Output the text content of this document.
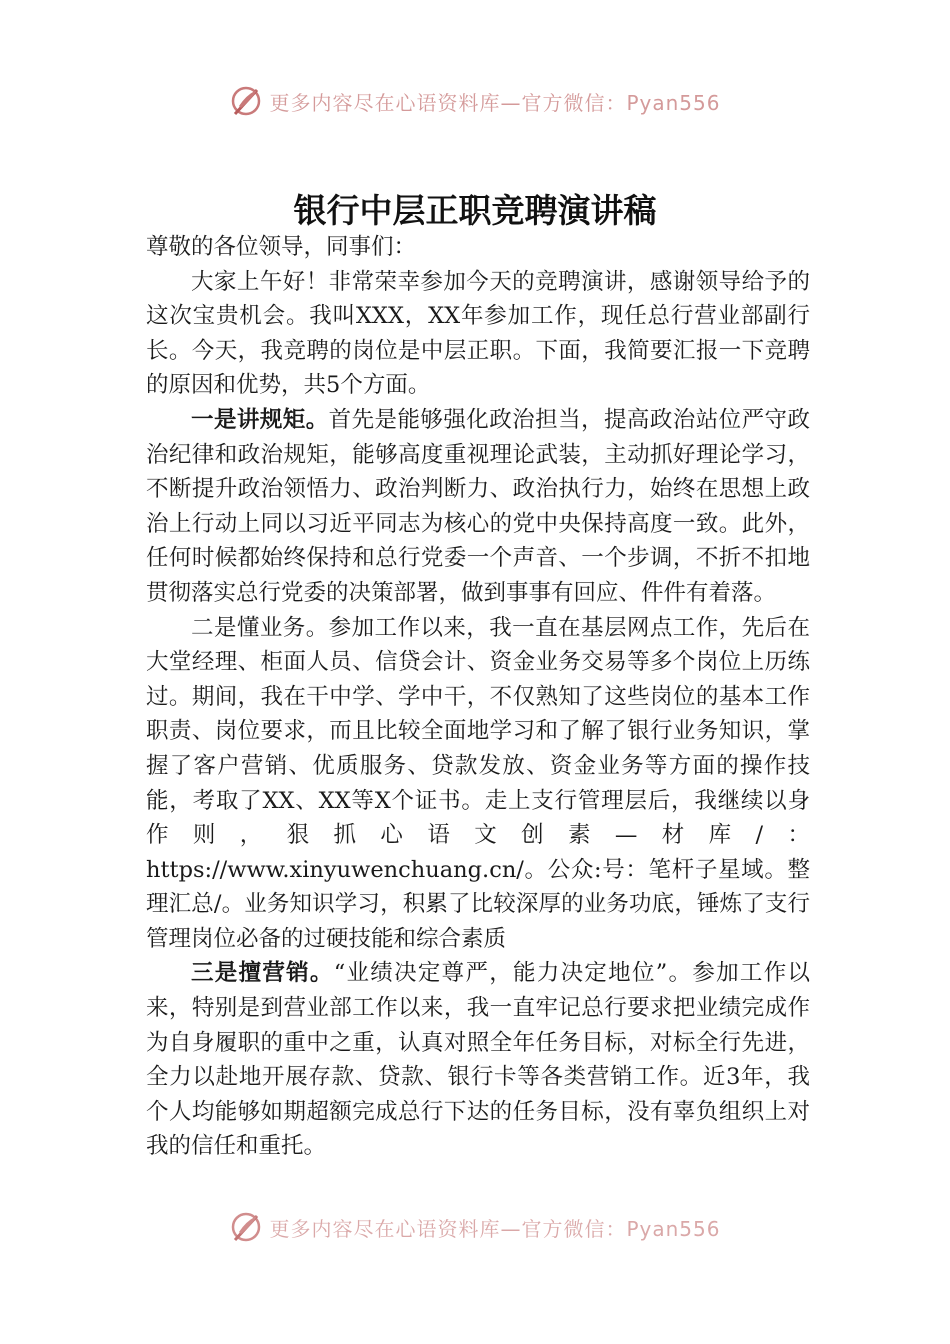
更多内容尽在心语资料库—官方微信：Pyan556
银行中层正职竞聘演讲稿

尊敬的各位领导，同事们：

大家上午好！非常荣幸参加今天的竞聘演讲，感谢领导给予的这次宝贵机会。我叫XXX，XX年参加工作，现任总行营业部副行长。今天，我竞聘的岗位是中层正职。下面，我简要汇报一下竞聘的原因和优势，共5个方面。

一是讲规矩。首先是能够强化政治担当，提高政治站位严守政治纪律和政治规矩，能够高度重视理论武装，主动抓好理论学习，不断提升政治领悟力、政治判断力、政治执行力，始终在思想上政治上行动上同以习近平同志为核心的党中央保持高度一致。此外，任何时候都始终保持和总行党委一个声音、一个步调，不折不扣地贯彻落实总行党委的决策部署，做到事事有回应、件件有着落。

二是懂业务。参加工作以来，我一直在基层网点工作，先后在大堂经理、柜面人员、信贷会计、资金业务交易等多个岗位上历练过。期间，我在干中学、学中干，不仅熟知了这些岗位的基本工作职责、岗位要求，而且比较全面地学习和了解了银行业务知识，掌握了客户营销、优质服务、贷款发放、资金业务等方面的操作技能，考取了XX、XX等X个证书。走上支行管理层后，我继续以身作则，狠抓心语文创素—材库/：https://www.xinyuwenchuang.cn/。公众:号：笔杆子星域。整理汇总/。业务知识学习，积累了比较深厚的业务功底，锤炼了支行管理岗位必备的过硬技能和综合素质

三是擅营销。“业绩决定尊严，能力决定地位”。参加工作以来，特别是到营业部工作以来，我一直牢记总行要求把业绩完成作为自身履职的重中之重，认真对照全年任务目标，对标全行先进，全力以赴地开展存款、贷款、银行卡等各类营销工作。近3年，我个人均能够如期超额完成总行下达的任务目标，没有辜负组织上对我的信任和重托。

更多内容尽在心语资料库—官方微信：Pyan556
